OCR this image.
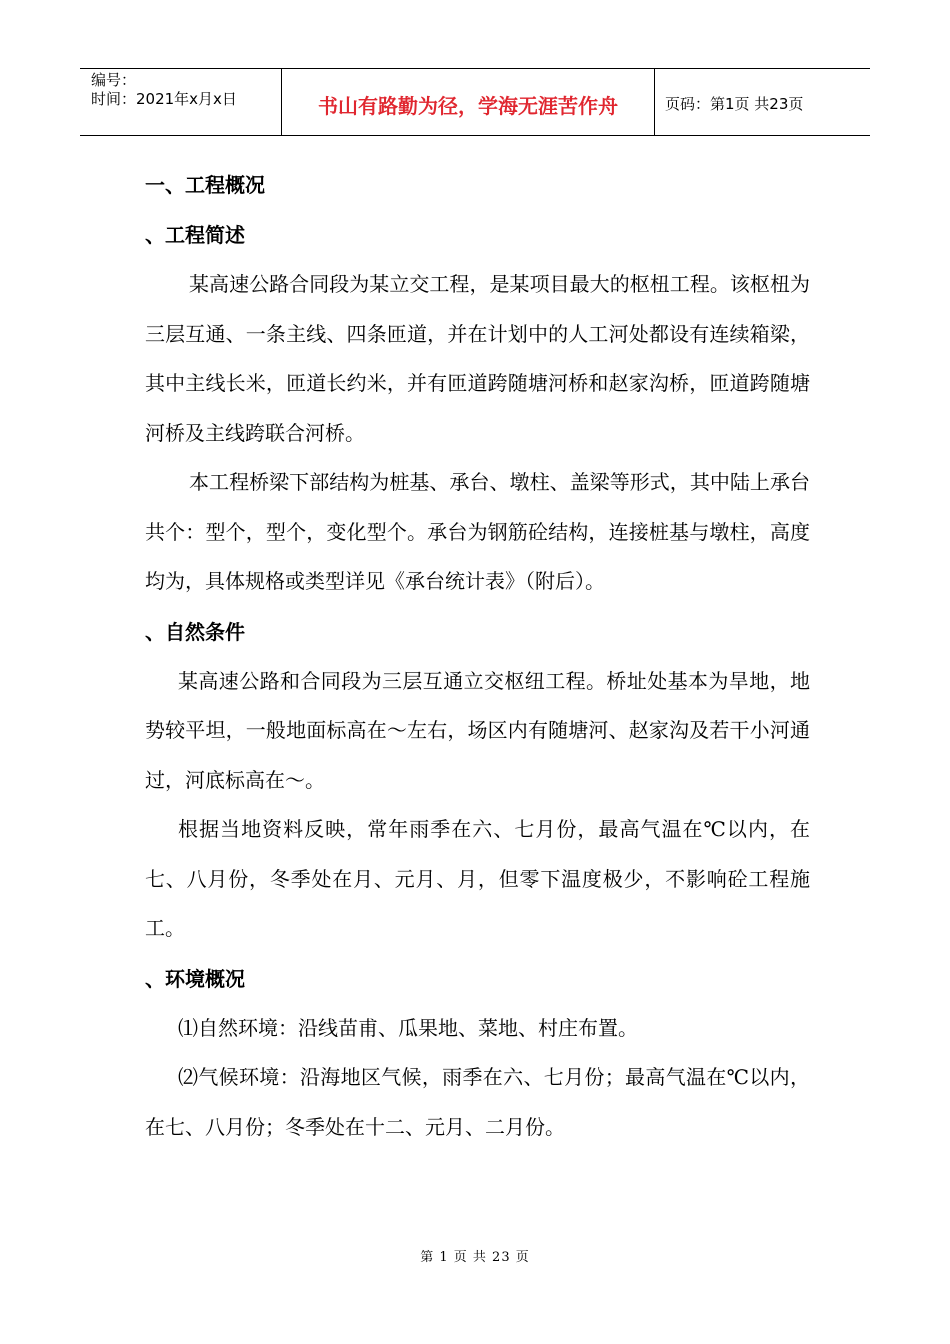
编号：
时间：2021年x月x日	书山有路勤为径，学海无涯苦作舟	页码：第1页 共23页
一、工程概况
、工程简述

某高速公路合同段为某立交工程，是某项目最大的枢杻工程。该枢杻为三层互通、一条主线、四条匝道，并在计划中的人工河处都设有连续箱梁，其中主线长米，匝道长约米，并有匝道跨随塘河桥和赵家沟桥，匝道跨随塘河桥及主线跨联合河桥。

本工程桥梁下部结构为桩基、承台、墩柱、盖梁等形式，其中陆上承台共个：型个，型个，变化型个。承台为钢筋砼结构，连接桩基与墩柱，高度均为，具体规格或类型详见《承台统计表》（附后）。

、自然条件

某高速公路和合同段为三层互通立交枢纽工程。桥址处基本为旱地，地势较平坦，一般地面标高在～左右，场区内有随塘河、赵家沟及若干小河通过，河底标高在～。

根据当地资料反映，常年雨季在六、七月份，最高气温在℃以内，在七、八月份，冬季处在月、元月、月，但零下温度极少，不影响砼工程施工。

、环境概况

⑴自然环境：沿线苗甫、瓜果地、菜地、村庄布置。

⑵气候环境：沿海地区气候，雨季在六、七月份；最高气温在℃以内，在七、八月份；冬季处在十二、元月、二月份。

第 1 页 共 23 页
